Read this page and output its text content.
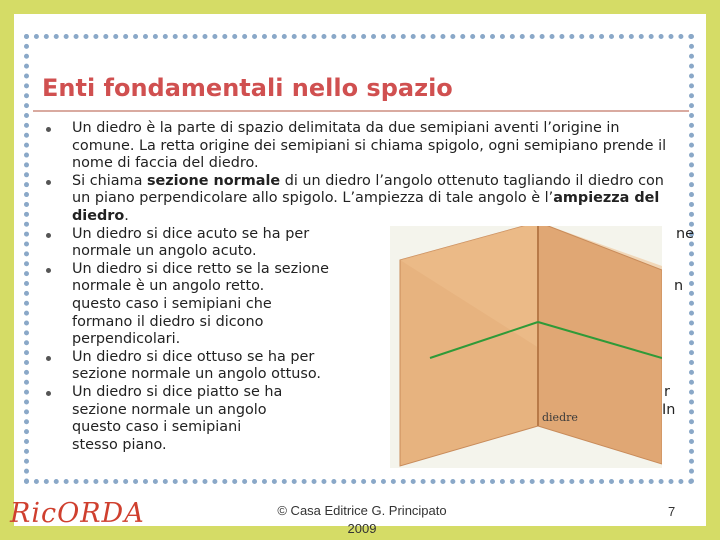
Enti fondamentali nello spazio
Un diedro è la parte di spazio delimitata da due semipiani aventi l’origine in comune. La retta origine dei semipiani si chiama spigolo, ogni semipiano prende il nome di faccia del diedro.
Si chiama sezione normale di un diedro l’angolo ottenuto tagliando il diedro con un piano perpendicolare allo spigolo. L’ampiezza di tale angolo è l’ampiezza del diedro.
Un diedro si dice acuto se ha per	ne

normale un angolo acuto.
Un diedro si dice retto se la sezione
normale è un angolo retto.	n

questo caso i semipiani che
formano il diedro si dicono
perpendicolari.
Un diedro si dice ottuso se ha per
sezione normale un angolo ottuso.
Un diedro si dice piatto se ha	r

sezione normale un angolo	In

questo caso i semipiani
stesso piano.
diedre
RicORDA	© Casa Editrice G. Principato
2009
7
